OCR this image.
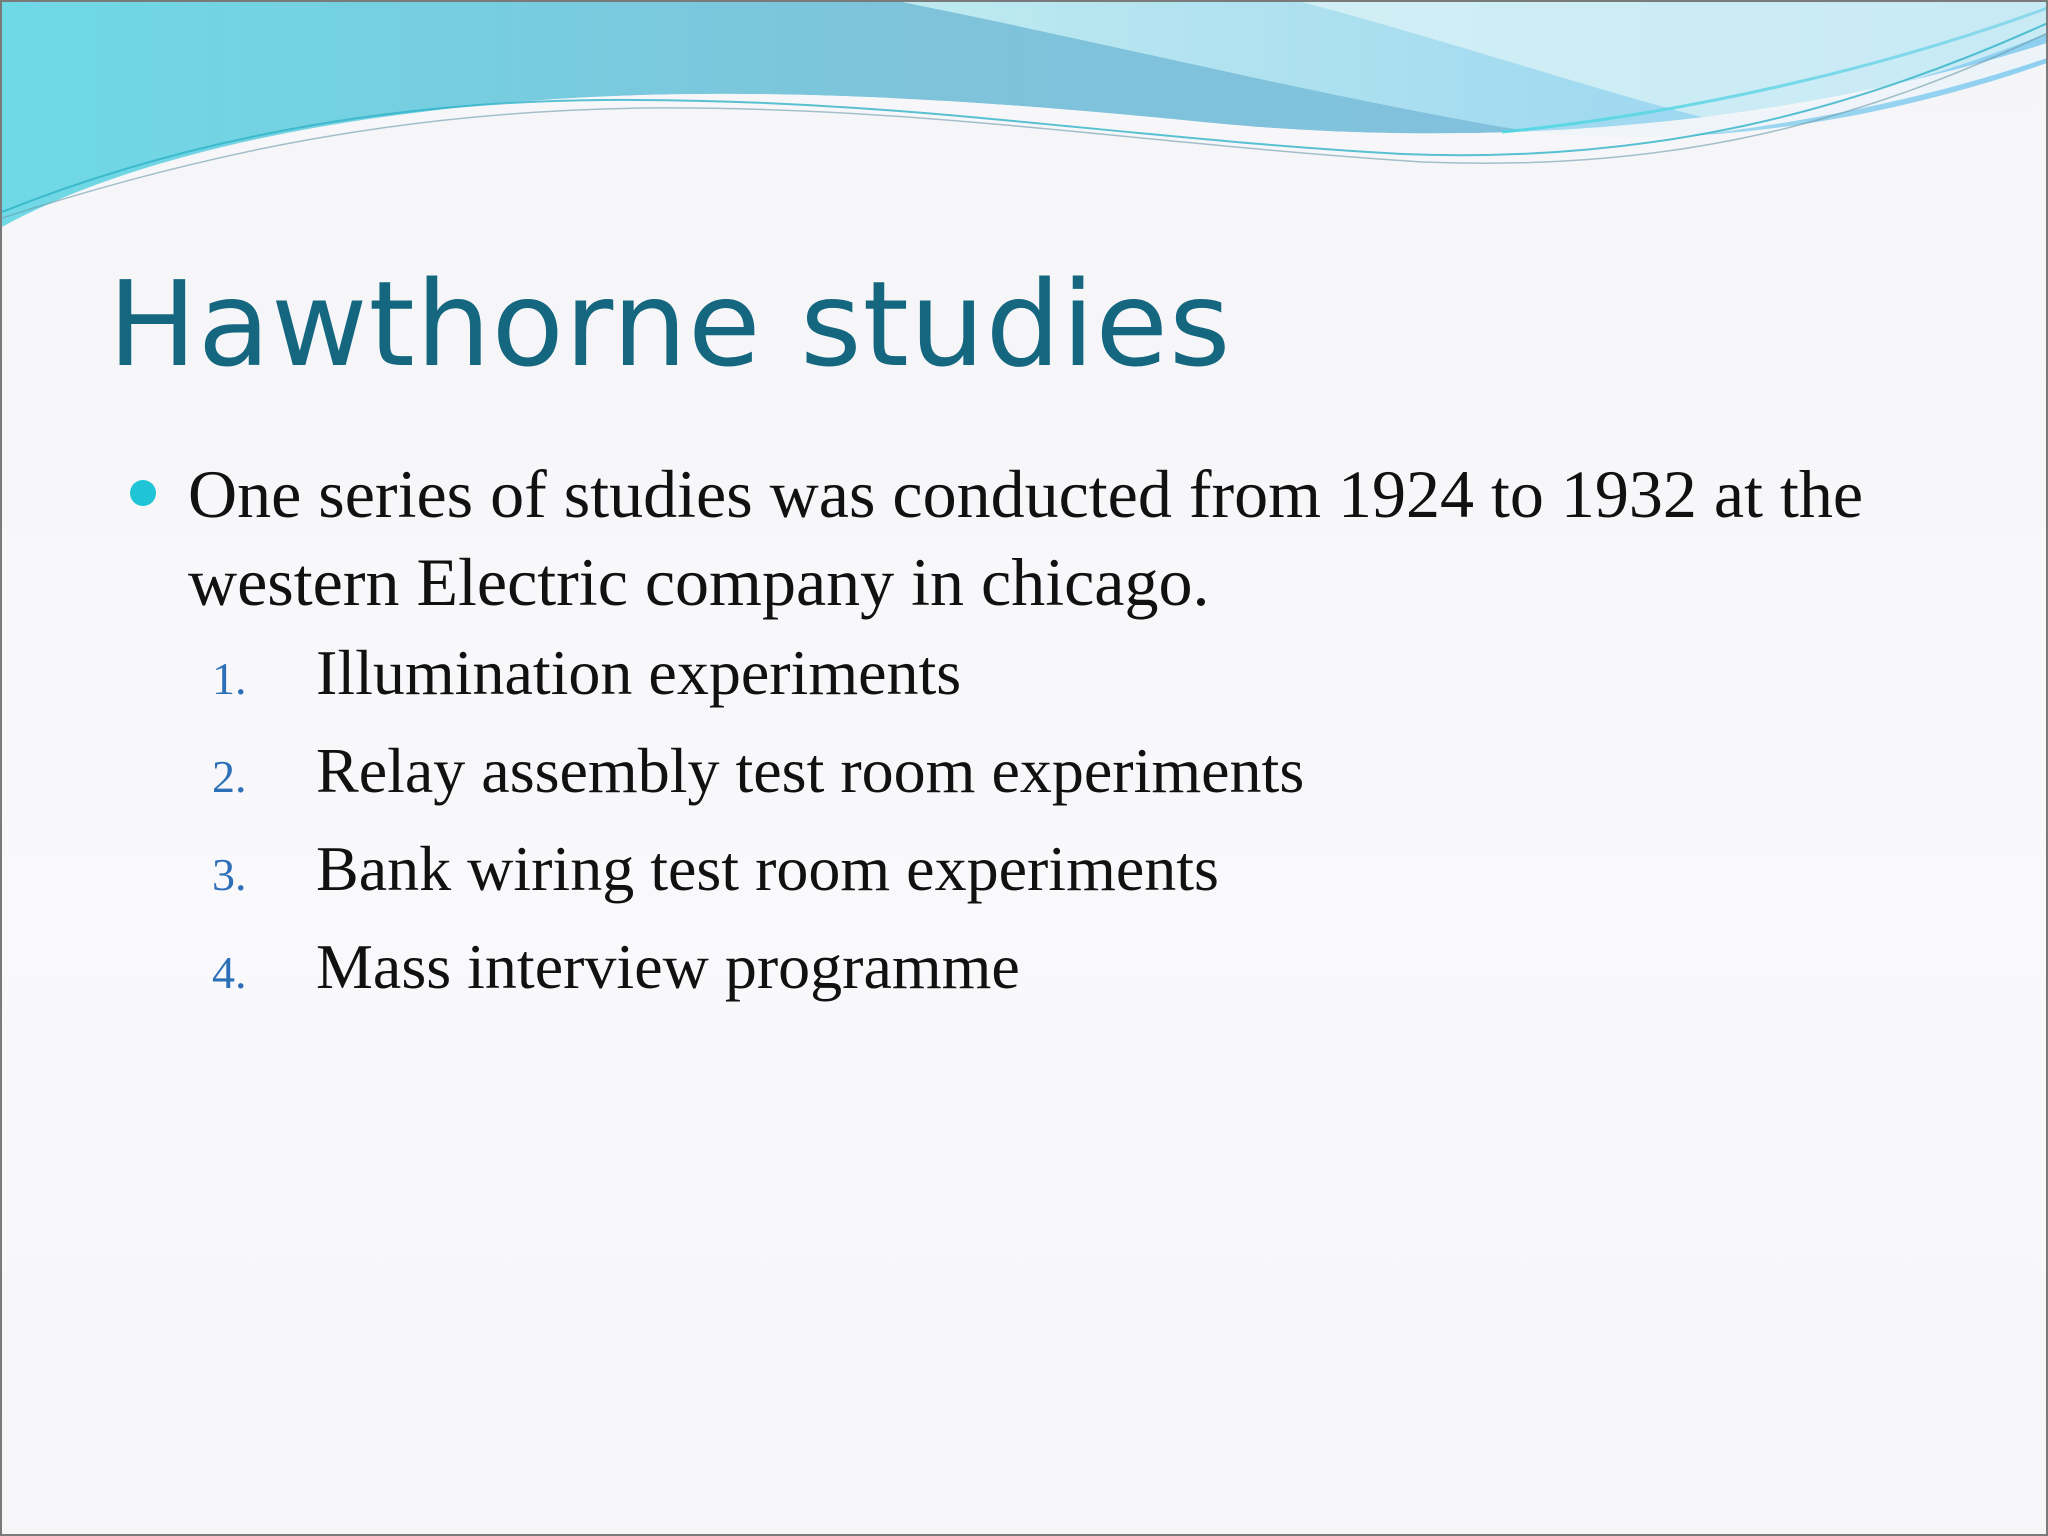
Hawthorne studies
One series of studies was conducted from 1924 to 1932 at the western Electric company in chicago.
1.	Illumination experiments
2.	Relay assembly test room experiments
3.	Bank wiring test room experiments
4.	Mass interview programme
